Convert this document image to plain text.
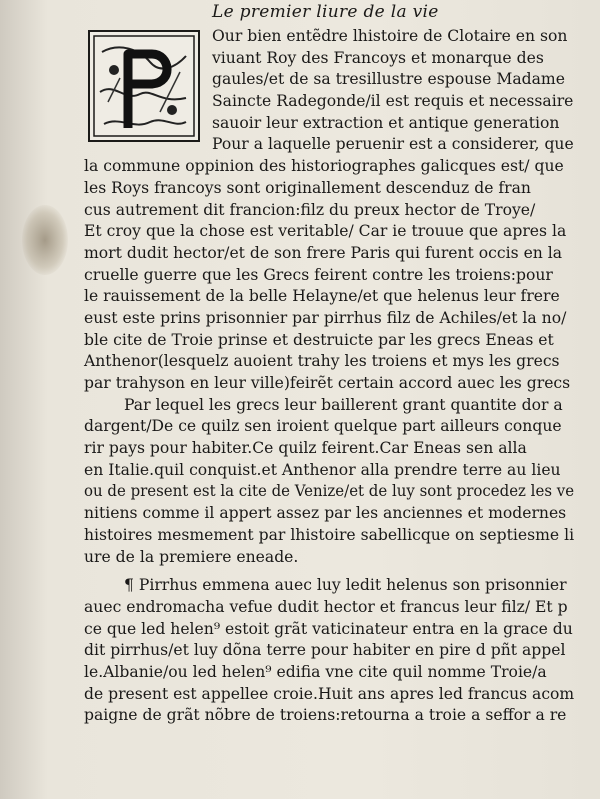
Le premier liure de la vie
Our bien entẽdre lhistoire de Clotaire en son
viuant Roy des Francoys et monarque des
gaules/et de sa tresillustre espouse Madame
Saincte Radegonde/il est requis et necessaire
sauoir leur extraction et antique generation
Pour a laquelle peruenir est a considerer, que
la commune oppinion des historiographes galicques est/ que
les Roys francoys sont originallement descenduz de fran
cus autrement dit francion:filz du preux hector de Troye/
Et croy que la chose est veritable/ Car ie trouue que apres la
mort dudit hector/et de son frere Paris qui furent occis en la
cruelle guerre que les Grecs feirent contre les troiens:pour
le rauissement de la belle Helayne/et que helenus leur frere
eust este prins prisonnier par pirrhus filz de Achiles/et la no/
ble cite de Troie prinse et destruicte par les grecs Eneas et
Anthenor(lesquelz auoient trahy les troiens et mys les grecs
par trahyson en leur ville)feirẽt certain accord auec les grecs
Par lequel les grecs leur baillerent grant quantite dor a
dargent/De ce quilz sen iroient quelque part ailleurs conque
rir pays pour habiter.Ce quilz feirent.Car Eneas sen alla
en Italie.quil conquist.et Anthenor alla prendre terre au lieu
ou de present est la cite de Venize/et de luy sont procedez les ve
nitiens comme il appert assez par les anciennes et modernes
histoires mesmement par lhistoire sabellicque on septiesme li
ure de la premiere eneade.
¶ Pirrhus emmena auec luy ledit helenus son prisonnier
auec endromacha vefue dudit hector et francus leur filz/ Et p
ce que led helen⁹ estoit grãt vaticinateur entra en la grace du
dit pirrhus/et luy dõna terre pour habiter en pire d pñt appel
le.Albanie/ou led helen⁹ edifia vne cite quil nomme Troie/a
de present est appellee croie.Huit ans apres led francus acom
paigne de grãt nõbre de troiens:retourna a troie a seffor a re
